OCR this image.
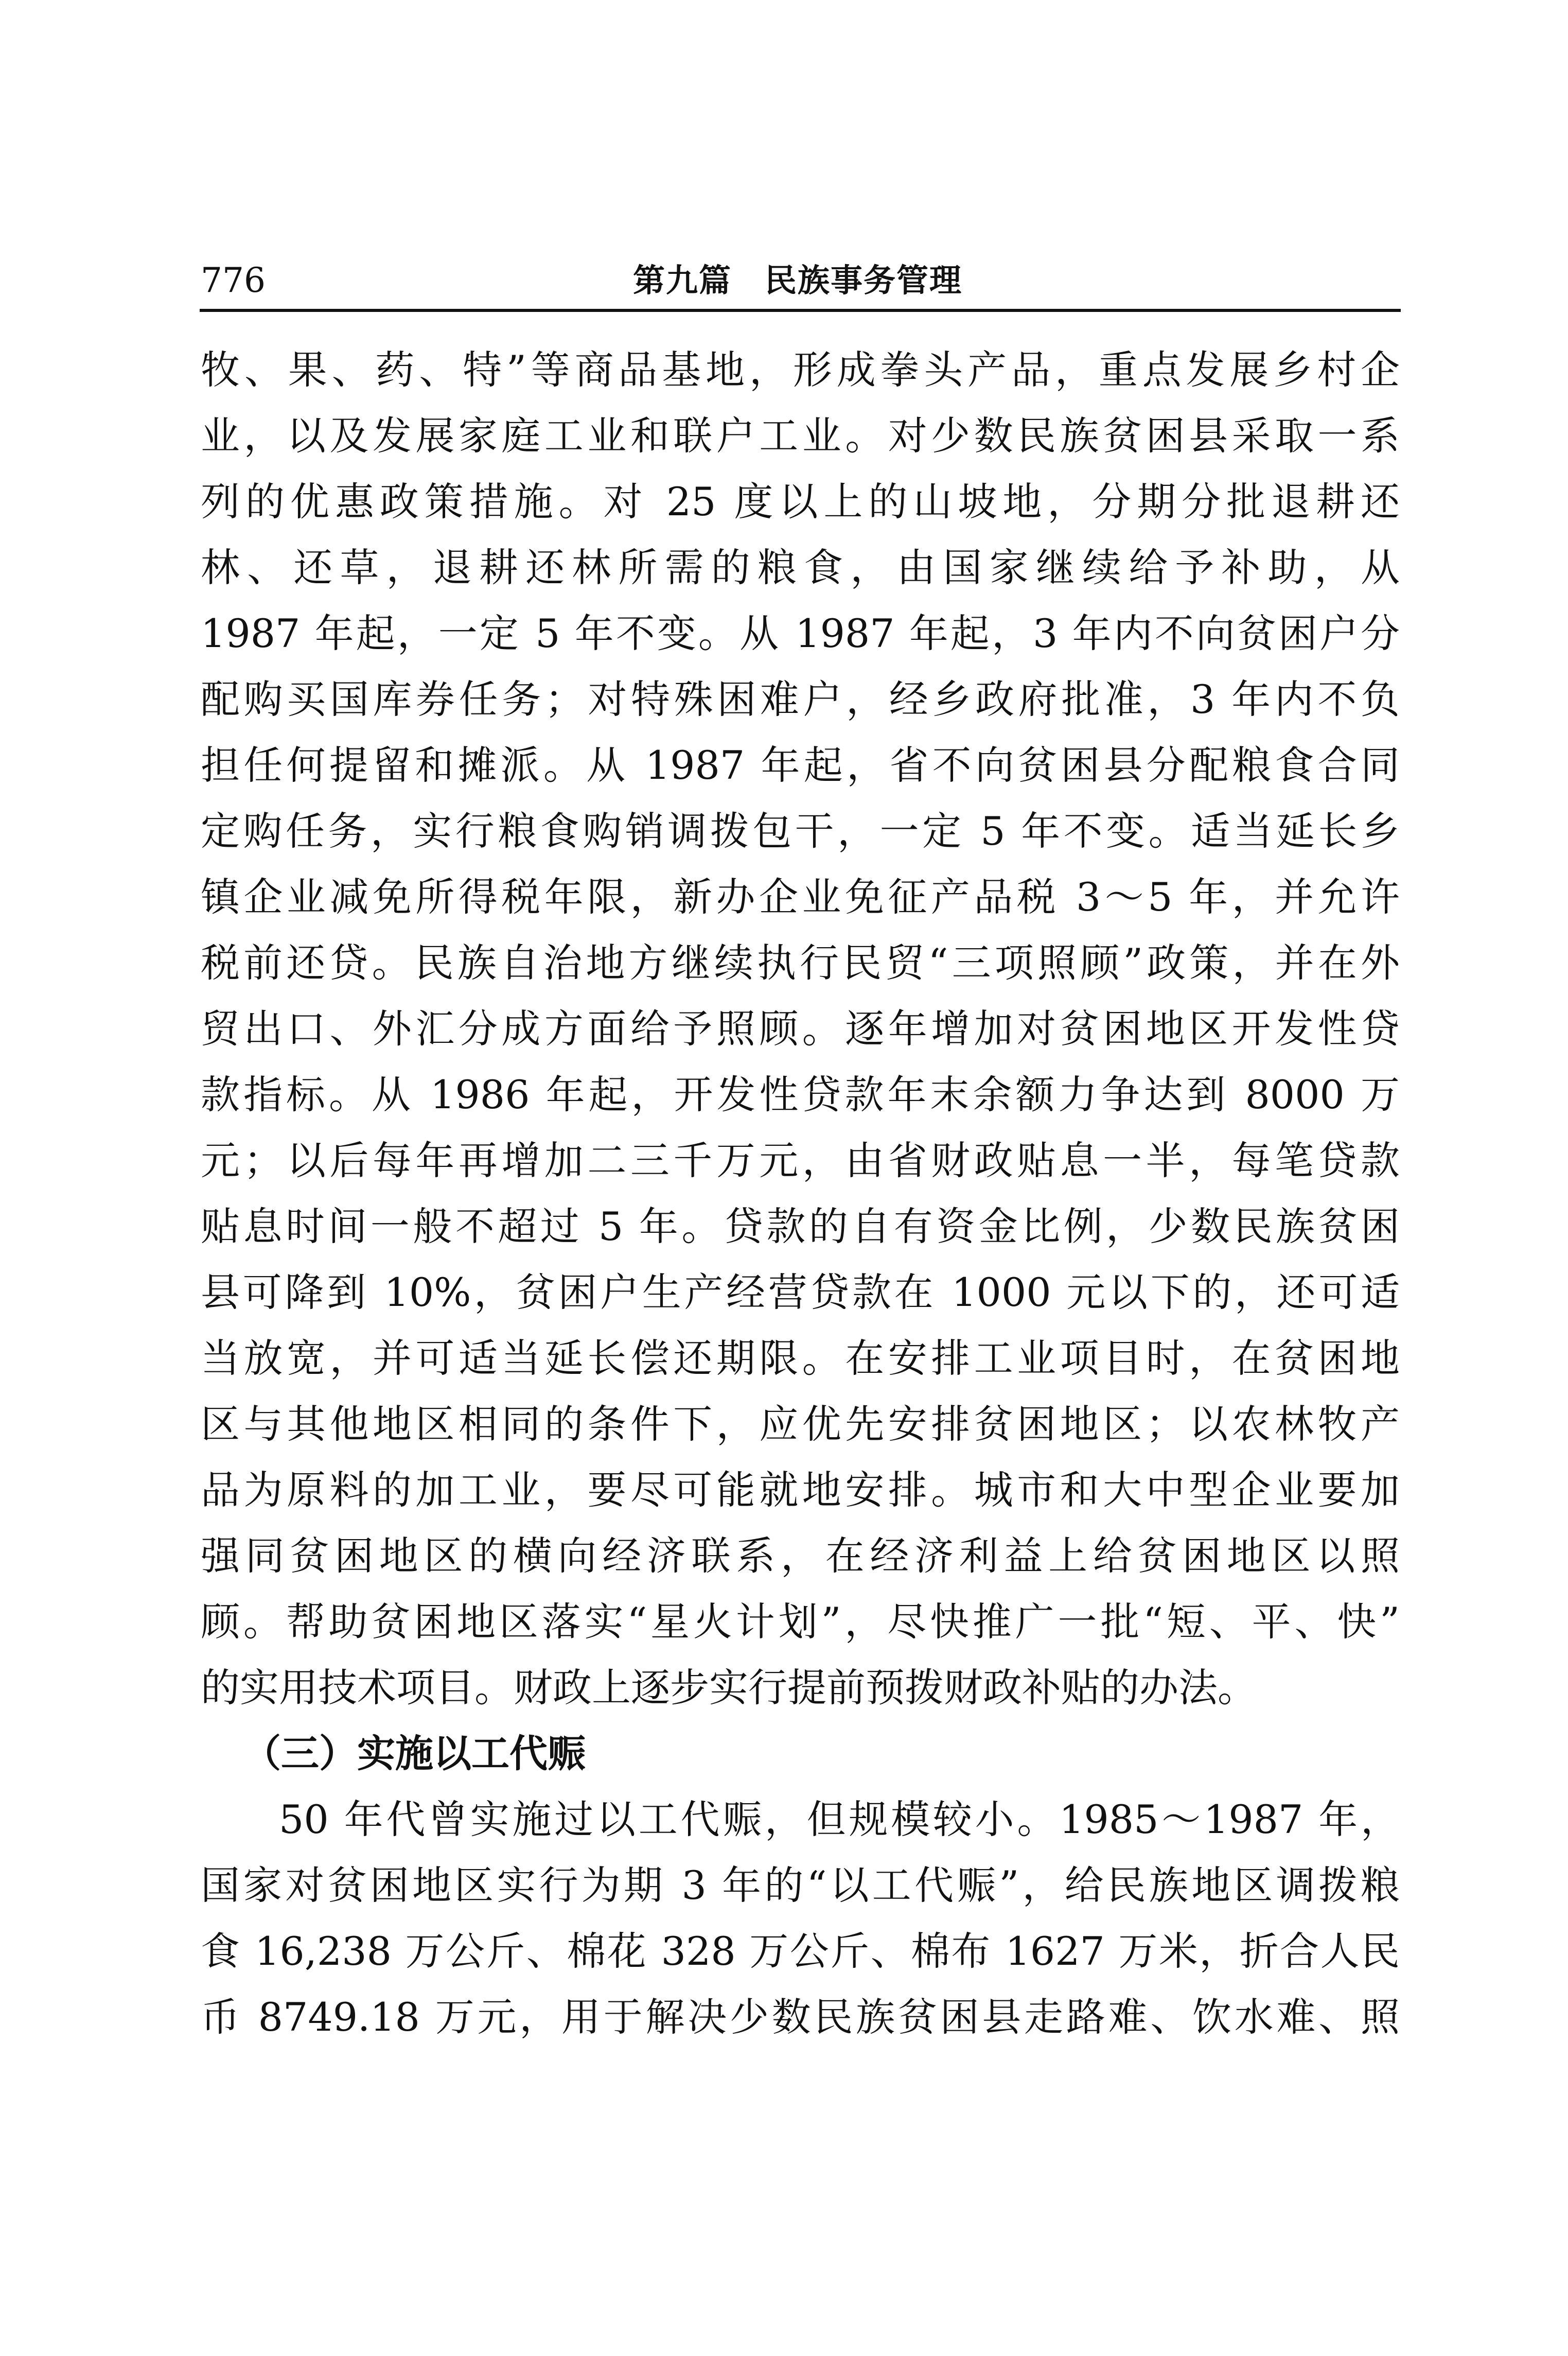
776	第九篇　民族事务管理
牧、果、药、特”等商品基地，形成拳头产品，重点发展乡村企
业，以及发展家庭工业和联户工业。对少数民族贫困县采取一系
列的优惠政策措施。对 25 度以上的山坡地，分期分批退耕还
林、还草，退耕还林所需的粮食，由国家继续给予补助，从
1987 年起，一定 5 年不变。从 1987 年起，3 年内不向贫困户分
配购买国库券任务；对特殊困难户，经乡政府批准，3 年内不负
担任何提留和摊派。从 1987 年起，省不向贫困县分配粮食合同
定购任务，实行粮食购销调拨包干，一定 5 年不变。适当延长乡
镇企业减免所得税年限，新办企业免征产品税 3～5 年，并允许
税前还贷。民族自治地方继续执行民贸“三项照顾”政策，并在外
贸出口、外汇分成方面给予照顾。逐年增加对贫困地区开发性贷
款指标。从 1986 年起，开发性贷款年末余额力争达到 8000 万
元；以后每年再增加二三千万元，由省财政贴息一半，每笔贷款
贴息时间一般不超过 5 年。贷款的自有资金比例，少数民族贫困
县可降到 10%，贫困户生产经营贷款在 1000 元以下的，还可适
当放宽，并可适当延长偿还期限。在安排工业项目时，在贫困地
区与其他地区相同的条件下，应优先安排贫困地区；以农林牧产
品为原料的加工业，要尽可能就地安排。城市和大中型企业要加
强同贫困地区的横向经济联系，在经济利益上给贫困地区以照
顾。帮助贫困地区落实“星火计划”，尽快推广一批“短、平、快”
的实用技术项目。财政上逐步实行提前预拨财政补贴的办法。
（三）实施以工代赈
50 年代曾实施过以工代赈，但规模较小。1985～1987 年，
国家对贫困地区实行为期 3 年的“以工代赈”，给民族地区调拨粮
食 16,238 万公斤、棉花 328 万公斤、棉布 1627 万米，折合人民
币 8749.18 万元，用于解决少数民族贫困县走路难、饮水难、照
